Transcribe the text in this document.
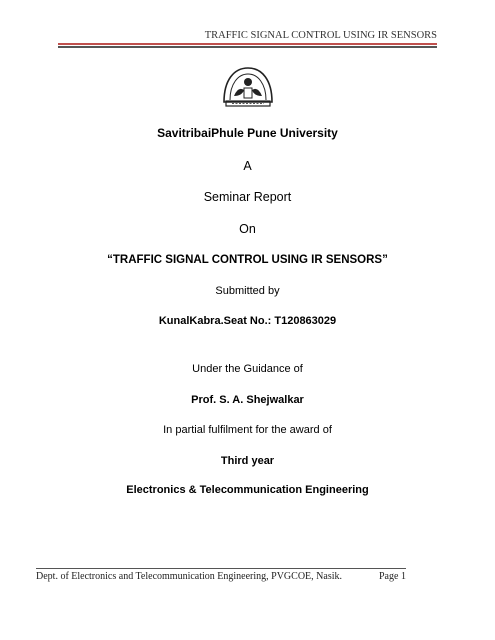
TRAFFIC SIGNAL CONTROL USING IR SENSORS
SavitribaiPhule Pune University
A
Seminar Report
On
“TRAFFIC SIGNAL CONTROL USING IR SENSORS”
Submitted by
KunalKabra.Seat No.: T120863029
Under the Guidance of
Prof. S. A. Shejwalkar
In partial fulfilment for the award of
Third year
Electronics & Telecommunication Engineering
Dept. of Electronics and Telecommunication Engineering, PVGCOE, Nasik.	Page 1
